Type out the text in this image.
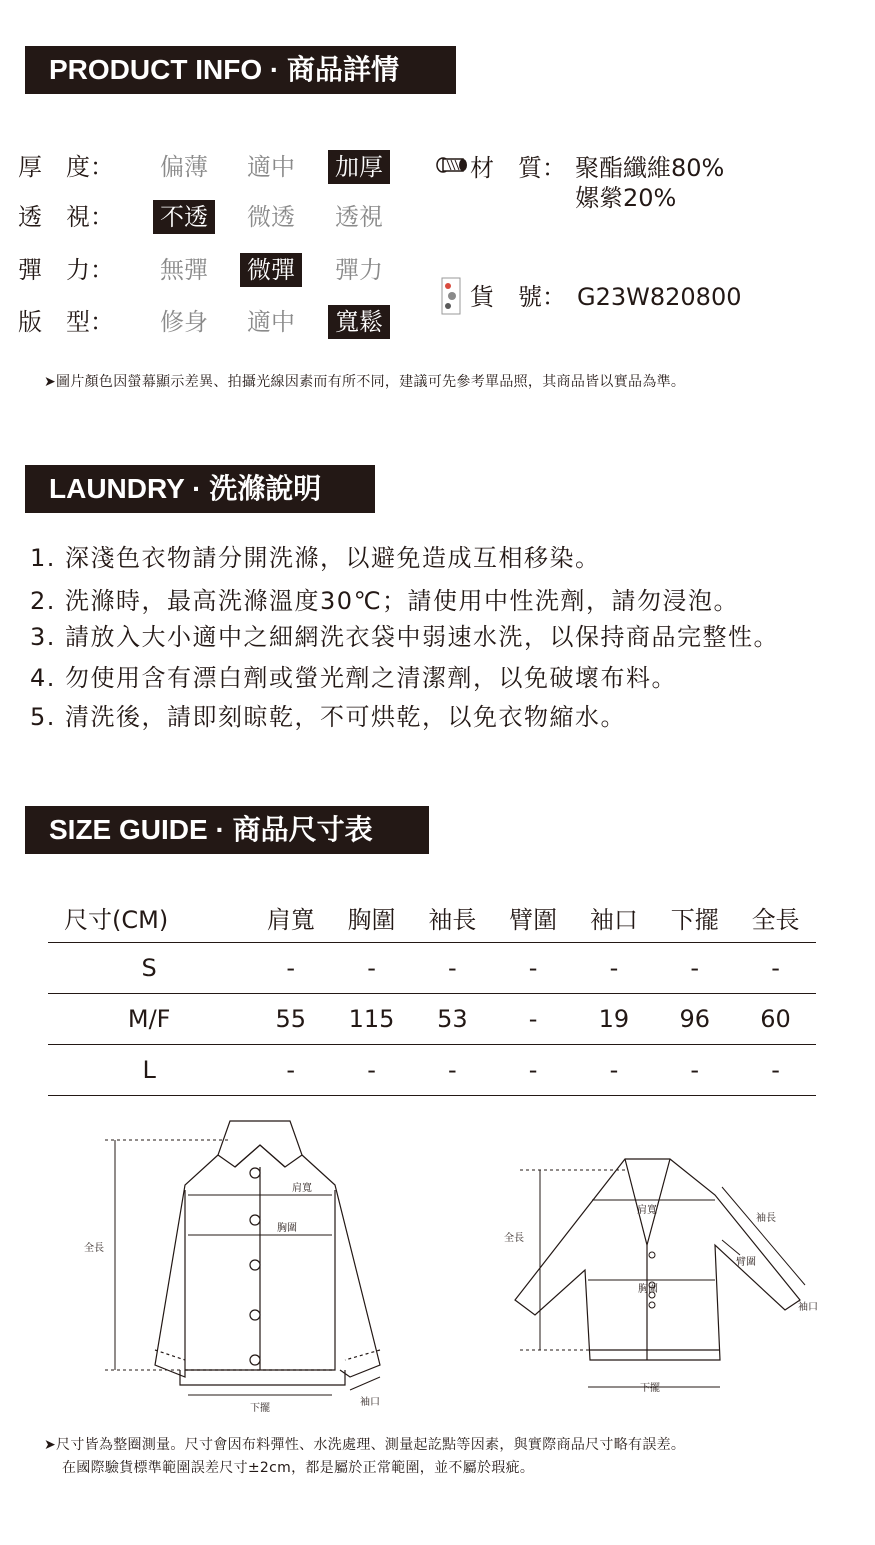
PRODUCT INFO · 商品詳情
厚　度：	偏薄 適中 加厚
透　視：	不透 微透 透視
彈　力：	無彈 微彈 彈力
版　型：	修身 適中 寬鬆
材　質： 聚酯纖維80%
嫘縈20%
貨　號： G23W820800
➤圖片顏色因螢幕顯示差異、拍攝光線因素而有所不同，建議可先參考單品照，其商品皆以實品為準。
LAUNDRY · 洗滌說明
1. 深淺色衣物請分開洗滌，以避免造成互相移染。
2. 洗滌時，最高洗滌溫度30℃；請使用中性洗劑，請勿浸泡。
3. 請放入大小適中之細網洗衣袋中弱速水洗，以保持商品完整性。
4. 勿使用含有漂白劑或螢光劑之清潔劑，以免破壞布料。
5. 清洗後，請即刻晾乾，不可烘乾，以免衣物縮水。
SIZE GUIDE · 商品尺寸表
尺寸(CM)	肩寬	胸圍	袖長	臂圍	袖口	下擺	全長
S	-	-	-	-	-	-	-
M/F	55	115	53	-	19	96	60
L	-	-	-	-	-	-	-
肩寬
胸圍
全長
下擺
袖口
肩寬
袖長
全長
臂圍
胸圍
袖口
下擺
➤尺寸皆為整圈測量。尺寸會因布料彈性、水洗處理、測量起訖點等因素，與實際商品尺寸略有誤差。
在國際驗貨標準範圍誤差尺寸±2cm，都是屬於正常範圍，並不屬於瑕疵。
